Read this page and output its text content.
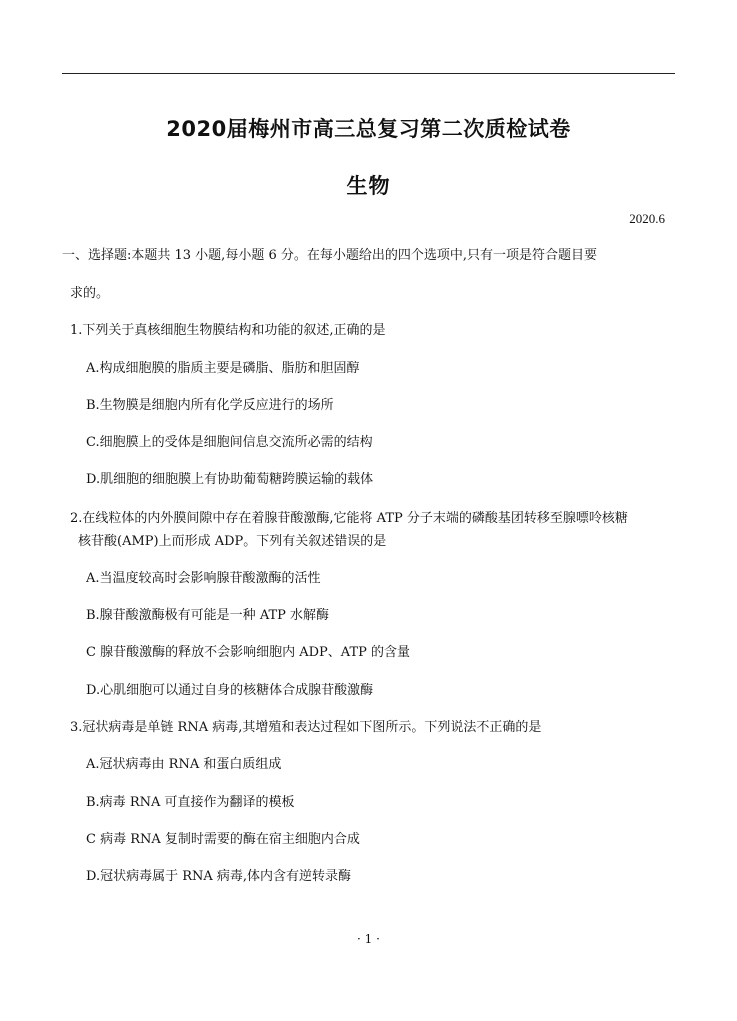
2020届梅州市高三总复习第二次质检试卷
生物
2020.6
一、选择题:本题共 13 小题,每小题 6 分。在每小题给出的四个选项中,只有一项是符合题目要
求的。
1.下列关于真核细胞生物膜结构和功能的叙述,正确的是
A.构成细胞膜的脂质主要是磷脂、脂肪和胆固醇
B.生物膜是细胞内所有化学反应进行的场所
C.细胞膜上的受体是细胞间信息交流所必需的结构
D.肌细胞的细胞膜上有协助葡萄糖跨膜运输的载体
2.在线粒体的内外膜间隙中存在着腺苷酸激酶,它能将 ATP 分子末端的磷酸基团转移至腺嘌呤核糖
核苷酸(AMP)上而形成 ADP。下列有关叙述错误的是
A.当温度较高时会影响腺苷酸激酶的活性
B.腺苷酸激酶极有可能是一种 ATP 水解酶
C 腺苷酸激酶的释放不会影响细胞内 ADP、ATP 的含量
D.心肌细胞可以通过自身的核糖体合成腺苷酸激酶
3.冠状病毒是单链 RNA 病毒,其增殖和表达过程如下图所示。下列说法不正确的是
A.冠状病毒由 RNA 和蛋白质组成
B.病毒 RNA 可直接作为翻译的模板
C 病毒 RNA 复制时需要的酶在宿主细胞内合成
D.冠状病毒属于 RNA 病毒,体内含有逆转录酶
· 1 ·
